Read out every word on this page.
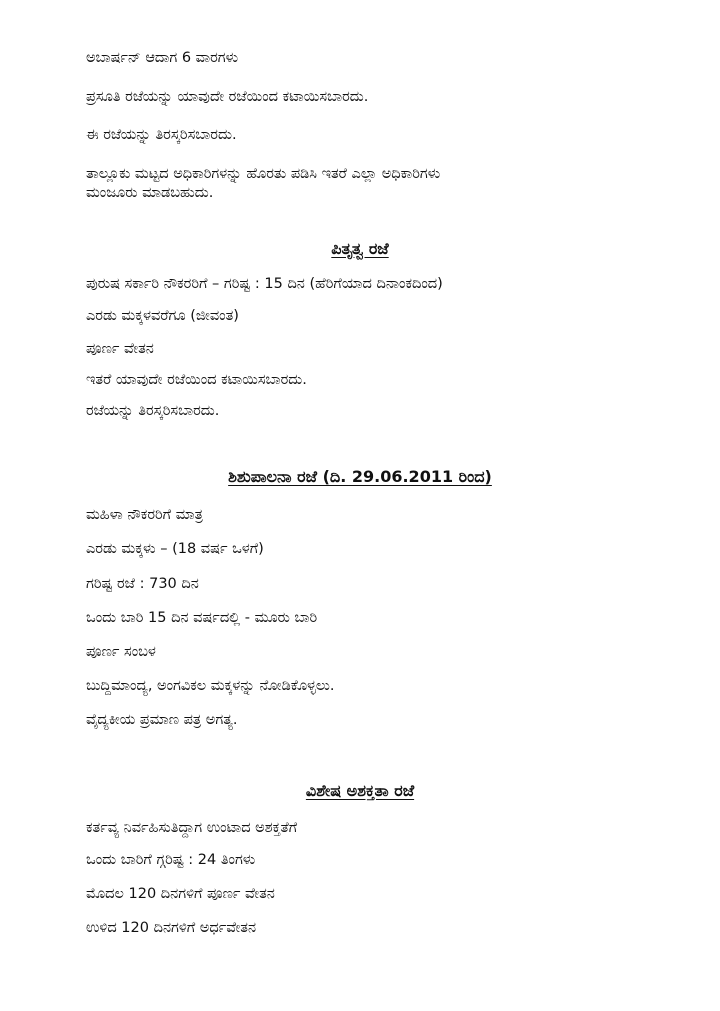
ಅಬಾರ್ಷನ್ ಆದಾಗ 6 ವಾರಗಳು
ಪ್ರಸೂತಿ ರಜೆಯನ್ನು ಯಾವುದೇ ರಜೆಯಿಂದ ಕಟಾಯಿಸಬಾರದು.
ಈ ರಜೆಯನ್ನು ತಿರಸ್ಕರಿಸಬಾರದು.
ತಾಲ್ಲೂಕು ಮಟ್ಟದ ಅಧಿಕಾರಿಗಳನ್ನು ಹೊರತು ಪಡಿಸಿ ಇತರೆ ಎಲ್ಲಾ ಅಧಿಕಾರಿಗಳು
ಮಂಜೂರು ಮಾಡಬಹುದು.
ಪಿತೃತ್ವ ರಜೆ
ಪುರುಷ ಸರ್ಕಾರಿ ನೌಕರರಿಗೆ – ಗರಿಷ್ಟ : 15 ದಿನ (ಹೆರಿಗೆಯಾದ ದಿನಾಂಕದಿಂದ)
ಎರಡು ಮಕ್ಕಳವರೆಗೂ (ಜೀವಂತ)
ಪೂರ್ಣ ವೇತನ
ಇತರೆ ಯಾವುದೇ ರಜೆಯಿಂದ ಕಟಾಯಿಸಬಾರದು.
ರಜೆಯನ್ನು ತಿರಸ್ಕರಿಸಬಾರದು.
ಶಿಶುಪಾಲನಾ ರಜೆ (ದಿ. 29.06.2011 ರಿಂದ)
ಮಹಿಳಾ ನೌಕರರಿಗೆ ಮಾತ್ರ
ಎರಡು ಮಕ್ಕಳು – (18 ವರ್ಷ ಒಳಗೆ)
ಗರಿಷ್ಟ ರಜೆ : 730 ದಿನ
ಒಂದು ಬಾರಿ 15 ದಿನ ವರ್ಷದಲ್ಲಿ - ಮೂರು ಬಾರಿ
ಪೂರ್ಣ ಸಂಬಳ
ಬುದ್ದಿಮಾಂದ್ಯ, ಅಂಗವಿಕಲ ಮಕ್ಕಳನ್ನು ನೋಡಿಕೊಳ್ಳಲು.
ವೈದ್ಯಕೀಯ ಪ್ರಮಾಣ ಪತ್ರ ಅಗತ್ಯ.
ವಿಶೇಷ ಅಶಕ್ತತಾ ರಜೆ
ಕರ್ತವ್ಯ ನಿರ್ವಹಿಸುತಿದ್ದಾಗ ಉಂಟಾದ ಅಶಕ್ತತೆಗೆ
ಒಂದು ಬಾರಿಗೆ ಗ್ಗರಿಷ್ಟ : 24 ತಿಂಗಳು
ಮೊದಲ 120 ದಿನಗಳಿಗೆ ಪೂರ್ಣ ವೇತನ
ಉಳಿದ 120 ದಿನಗಳಿಗೆ ಅರ್ಧವೇತನ
